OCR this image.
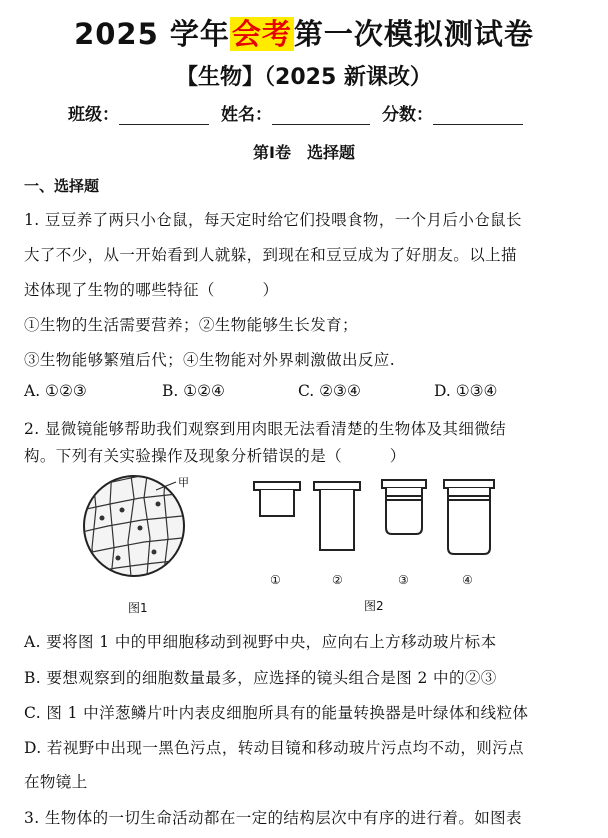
2025 学年会考第一次模拟测试卷
【生物】（2025 新课改）
班级：	姓名：	分数：
第Ⅰ卷　选择题
一、选择题
1. 豆豆养了两只小仓鼠，每天定时给它们投喂食物，一个月后小仓鼠长
大了不少，从一开始看到人就躲，到现在和豆豆成为了好朋友。以上描
述体现了生物的哪些特征（　　　）
①生物的生活需要营养；②生物能够生长发育；
③生物能够繁殖后代；④生物能对外界刺激做出反应.
A. ①②③	B. ①②④	C. ②③④	D. ①③④
2. 显微镜能够帮助我们观察到用肉眼无法看清楚的生物体及其细微结
构。下列有关实验操作及现象分析错误的是（　　　）
甲
图1
①	②	③	④
图2
A. 要将图 1 中的甲细胞移动到视野中央，应向右上方移动玻片标本
B. 要想观察到的细胞数量最多，应选择的镜头组合是图 2 中的②③
C. 图 1 中洋葱鳞片叶内表皮细胞所具有的能量转换器是叶绿体和线粒体
D. 若视野中出现一黑色污点，转动目镜和移动玻片污点均不动，则污点
在物镜上
3. 生物体的一切生命活动都在一定的结构层次中有序的进行着。如图表
